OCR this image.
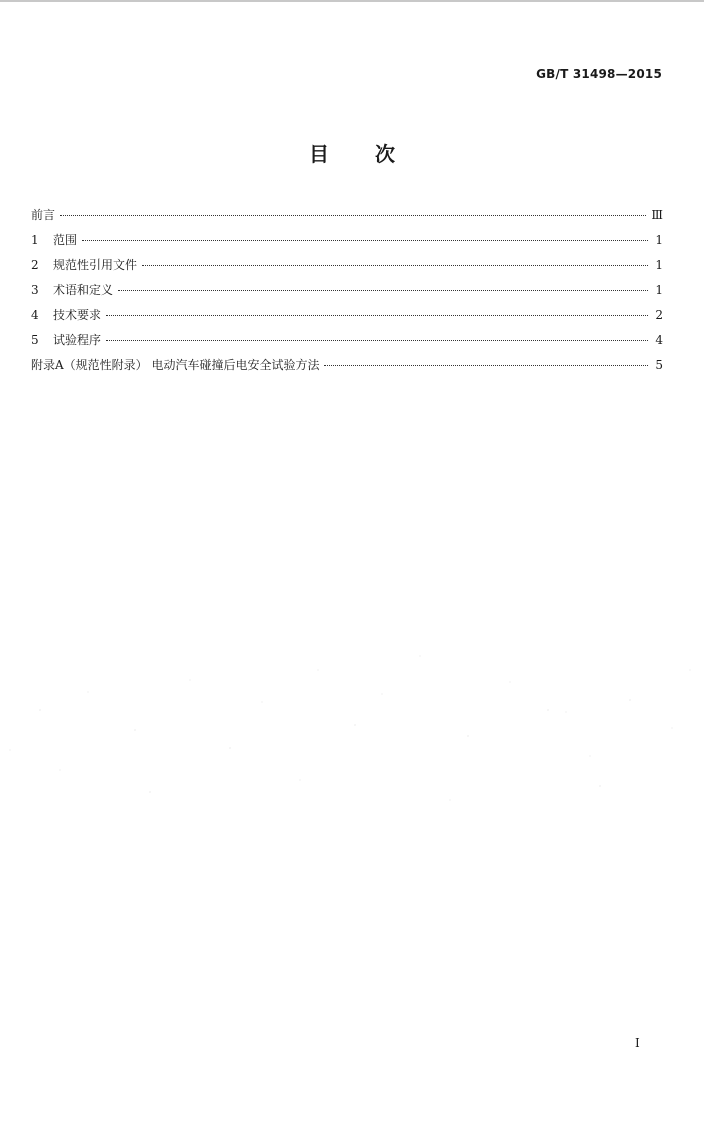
GB/T 31498—2015
目次
前言	Ⅲ
1	范围	1
2	规范性引用文件	1
3	术语和定义	1
4	技术要求	2
5	试验程序	4
附录A（规范性附录） 电动汽车碰撞后电安全试验方法	5
Ⅰ
